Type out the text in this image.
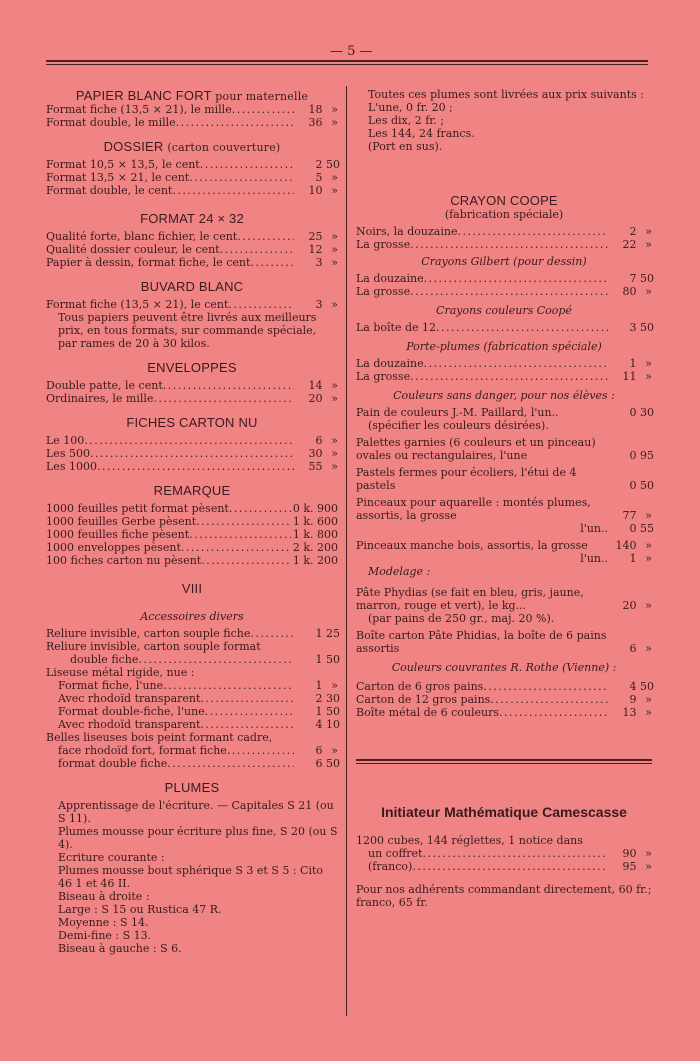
— 5 —
PAPIER BLANC FORT pour maternelle
Format fiche (13,5 × 21), le mille . . .	18 »
Format double, le mille . . .	36 »
DOSSIER (carton couverture)
Format 10,5 × 13,5, le cent . . .	2 50
Format 13,5 × 21, le cent . . .	5 »
Format double, le cent . . .	10 »
FORMAT 24 × 32
Qualité forte, blanc fichier, le cent . . .	25 »
Qualité dossier couleur, le cent . . .	12 »
Papier à dessin, format fiche, le cent . . .	3 »
BUVARD BLANC
Format fiche (13,5 × 21), le cent . . .	3 »
Tous papiers peuvent être livrés aux meilleurs prix, en tous formats, sur commande spéciale, par rames de 20 à 30 kilos.
ENVELOPPES
Double patte, le cent . . .	14 »
Ordinaires, le mille . . .	20 »
FICHES CARTON NU
Le 100 . . .	6 »
Les 500 . . .	30 »
Les 1000 . . .	55 »
REMARQUE
1000 feuilles petit format pèsent . . .	0 k. 900
1000 feuilles Gerbe pèsent . . .	1 k. 600
1000 feuilles fiche pèsent . . .	1 k. 800
1000 enveloppes pèsent . . .	2 k. 200
100 fiches carton nu pèsent . . .	1 k. 200
VIII
Accessoires divers
Reliure invisible, carton souple fiche . . .	1 25
Reliure invisible, carton souple format
double fiche . . .	1 50
Liseuse métal rigide, nue :
Format fiche, l'une . . .	1 »
Avec rhodoïd transparent . . .	2 30
Format double-fiche, l'une . . .	1 50
Avec rhodoïd transparent . . .	4 10
Belles liseuses bois peint formant cadre,
face rhodoïd fort, format fiche . . .	6 »
format double fiche . . .	6 50
PLUMES
Apprentissage de l'écriture. — Capitales S 21 (ou S 11).
Plumes mousse pour écriture plus fine, S 20 (ou S 4).
Ecriture courante :
Plumes mousse bout sphérique S 3 et S 5 : Cito 46 1 et 46 II.
Biseau à droite :
Large : S 15 ou Rustica 47 R.
Moyenne : S 14.
Demi-fine : S 13.
Biseau à gauche : S 6.
Toutes ces plumes sont livrées aux prix suivants :
L'une, 0 fr. 20 ;
Les dix, 2 fr. ;
Les 144, 24 francs.
(Port en sus).
CRAYON COOPE
(fabrication spéciale)
Noirs, la douzaine . . .	2 »
La grosse . . .	22 »
Crayons Gilbert (pour dessin)
La douzaine . . .	7 50
La grosse . . .	80 »
Crayons couleurs Coopé
La boîte de 12 . . .	3 50
Porte-plumes (fabrication spéciale)
La douzaine . . .	1 »
La grosse . . .	11 »
Couleurs sans danger, pour nos élèves :
Pain de couleurs J.-M. Paillard, l'un..	0 30
(spécifier les couleurs désirées).
Palettes garnies (6 couleurs et un pinceau) ovales ou rectangulaires, l'une	0 95
Pastels fermes pour écoliers, l'étui de 4 pastels	0 50
Pinceaux pour aquarelle : montés plumes, assortis, la grosse	77 »
l'un..	0 55
Pinceaux manche bois, assortis, la grosse	140 »
l'un..	1 »
Modelage :
Pâte Phydias (se fait en bleu, gris, jaune, marron, rouge et vert), le kg...	20 »
(par pains de 250 gr., maj. 20 %).
Boîte carton Pâte Phidias, la boîte de 6 pains assortis	6 »
Couleurs couvrantes R. Rothe (Vienne) :
Carton de 6 gros pains . . .	4 50
Carton de 12 gros pains . . .	9 »
Boîte métal de 6 couleurs . . .	13 »
Initiateur Mathématique Camescasse
1200 cubes, 144 réglettes, 1 notice dans
un coffret . . .	90 »
(franco) . . .	95 »
Pour nos adhérents commandant directement, 60 fr.; franco, 65 fr.
